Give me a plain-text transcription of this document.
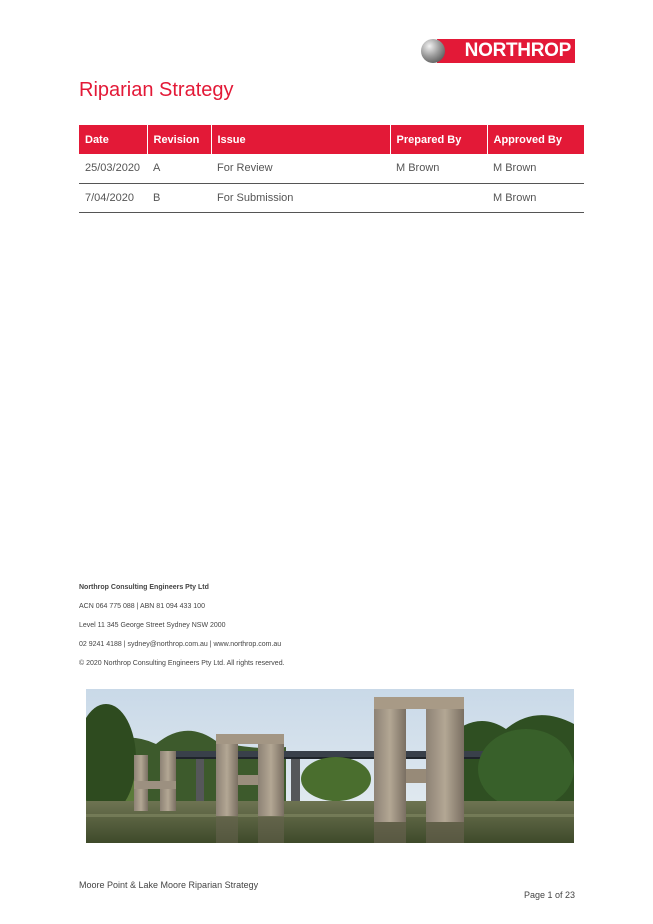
NORTHROP
Riparian Strategy
Date	Revision	Issue	Prepared By	Approved By
25/03/2020	A	For Review	M Brown	M Brown
7/04/2020	B	For Submission		M Brown
Northrop Consulting Engineers Pty Ltd
ACN 064 775 088 | ABN 81 094 433 100
Level 11 345 George Street Sydney NSW 2000
02 9241 4188 | sydney@northrop.com.au | www.northrop.com.au
© 2020 Northrop Consulting Engineers Pty Ltd. All rights reserved.
Moore Point & Lake Moore Riparian Strategy
Page 1 of 23
